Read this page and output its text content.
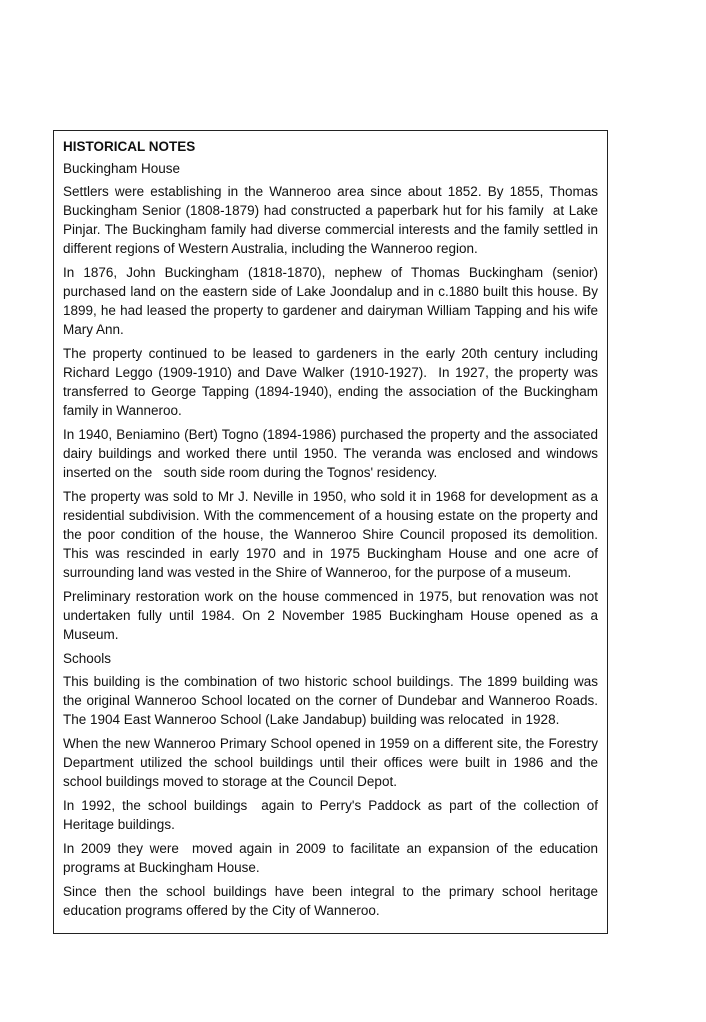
HISTORICAL NOTES

Buckingham House

Settlers were establishing in the Wanneroo area since about 1852. By 1855, Thomas Buckingham Senior (1808-1879) had constructed a paperbark hut for his family  at Lake Pinjar. The Buckingham family had diverse commercial interests and the family settled in different regions of Western Australia, including the Wanneroo region.

In 1876, John Buckingham (1818-1870), nephew of Thomas Buckingham (senior) purchased land on the eastern side of Lake Joondalup and in c.1880 built this house. By 1899, he had leased the property to gardener and dairyman William Tapping and his wife Mary Ann.

The property continued to be leased to gardeners in the early 20th century including Richard Leggo (1909-1910) and Dave Walker (1910-1927).  In 1927, the property was transferred to George Tapping (1894-1940), ending the association of the Buckingham family in Wanneroo.

In 1940, Beniamino (Bert) Togno (1894-1986) purchased the property and the associated dairy buildings and worked there until 1950. The veranda was enclosed and windows inserted on the   south side room during the Tognos' residency.

The property was sold to Mr J. Neville in 1950, who sold it in 1968 for development as a residential subdivision. With the commencement of a housing estate on the property and the poor condition of the house, the Wanneroo Shire Council proposed its demolition. This was rescinded in early 1970 and in 1975 Buckingham House and one acre of surrounding land was vested in the Shire of Wanneroo, for the purpose of a museum.

Preliminary restoration work on the house commenced in 1975, but renovation was not undertaken fully until 1984. On 2 November 1985 Buckingham House opened as a Museum.

Schools

This building is the combination of two historic school buildings. The 1899 building was the original Wanneroo School located on the corner of Dundebar and Wanneroo Roads. The 1904 East Wanneroo School (Lake Jandabup) building was relocated  in 1928.

When the new Wanneroo Primary School opened in 1959 on a different site, the Forestry Department utilized the school buildings until their offices were built in 1986 and the school buildings moved to storage at the Council Depot.

In 1992, the school buildings  again to Perry's Paddock as part of the collection of Heritage buildings.

In 2009 they were  moved again in 2009 to facilitate an expansion of the education programs at Buckingham House.

Since then the school buildings have been integral to the primary school heritage education programs offered by the City of Wanneroo.
